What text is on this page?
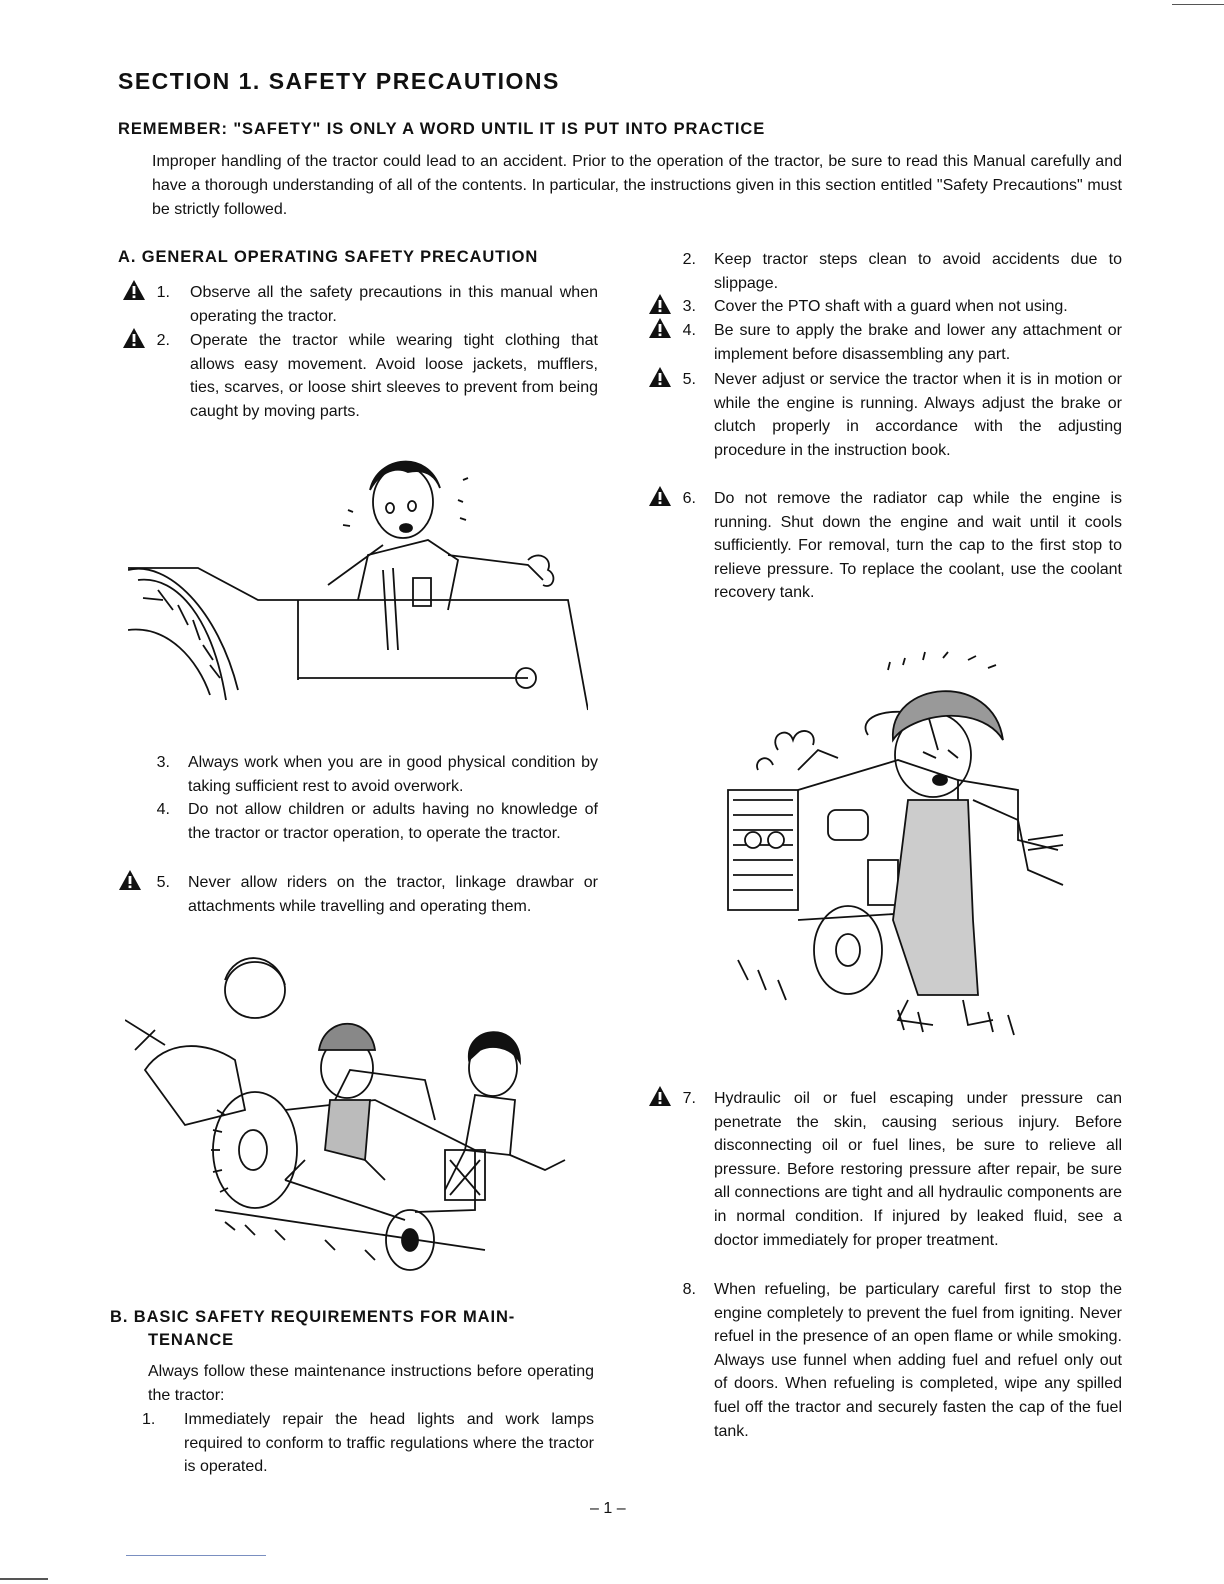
SECTION 1. SAFETY PRECAUTIONS
REMEMBER: "SAFETY" IS ONLY A WORD UNTIL IT IS PUT INTO PRACTICE

Improper handling of the tractor could lead to an accident. Prior to the operation of the tractor, be sure to read this Manual carefully and have a thorough understanding of all of the contents. In particular, the instructions given in this section entitled "Safety Precautions" must be strictly followed.

A. GENERAL OPERATING SAFETY PRECAUTION
1. Observe all the safety precautions in this manual when operating the tractor.
2. Operate the tractor while wearing tight clothing that allows easy movement. Avoid loose jackets, mufflers, ties, scarves, or loose shirt sleeves to prevent from being caught by moving parts.
3. Always work when you are in good physical condition by taking sufficient rest to avoid overwork.
4. Do not allow children or adults having no knowledge of the tractor or tractor operation, to operate the tractor.
5. Never allow riders on the tractor, linkage drawbar or attachments while travelling and operating them.
B. BASIC SAFETY REQUIREMENTS FOR MAIN-
TENANCE
Always follow these maintenance instructions before operating the tractor:
1.	Immediately repair the head lights and work lamps required to conform to traffic regulations where the tractor is operated.
2. Keep tractor steps clean to avoid accidents due to slippage.
3. Cover the PTO shaft with a guard when not using.
4. Be sure to apply the brake and lower any attachment or implement before disassembling any part.
5. Never adjust or service the tractor when it is in motion or while the engine is running. Always adjust the brake or clutch properly in accordance with the adjusting procedure in the instruction book.
6. Do not remove the radiator cap while the engine is running. Shut down the engine and wait until it cools sufficiently. For removal, turn the cap to the first stop to relieve pressure. To replace the coolant, use the coolant recovery tank.
7. Hydraulic oil or fuel escaping under pressure can penetrate the skin, causing serious injury. Before disconnecting oil or fuel lines, be sure to relieve all pressure. Before restoring pressure after repair, be sure all connections are tight and all hydraulic components are in normal condition. If injured by leaked fluid, see a doctor immediately for proper treatment.
8. When refueling, be particulary careful first to stop the engine completely to prevent the fuel from igniting. Never refuel in the presence of an open flame or while smoking. Always use funnel when adding fuel and refuel only out of doors. When refueling is completed, wipe any spilled fuel off the tractor and securely fasten the cap of the fuel tank.
– 1 –
